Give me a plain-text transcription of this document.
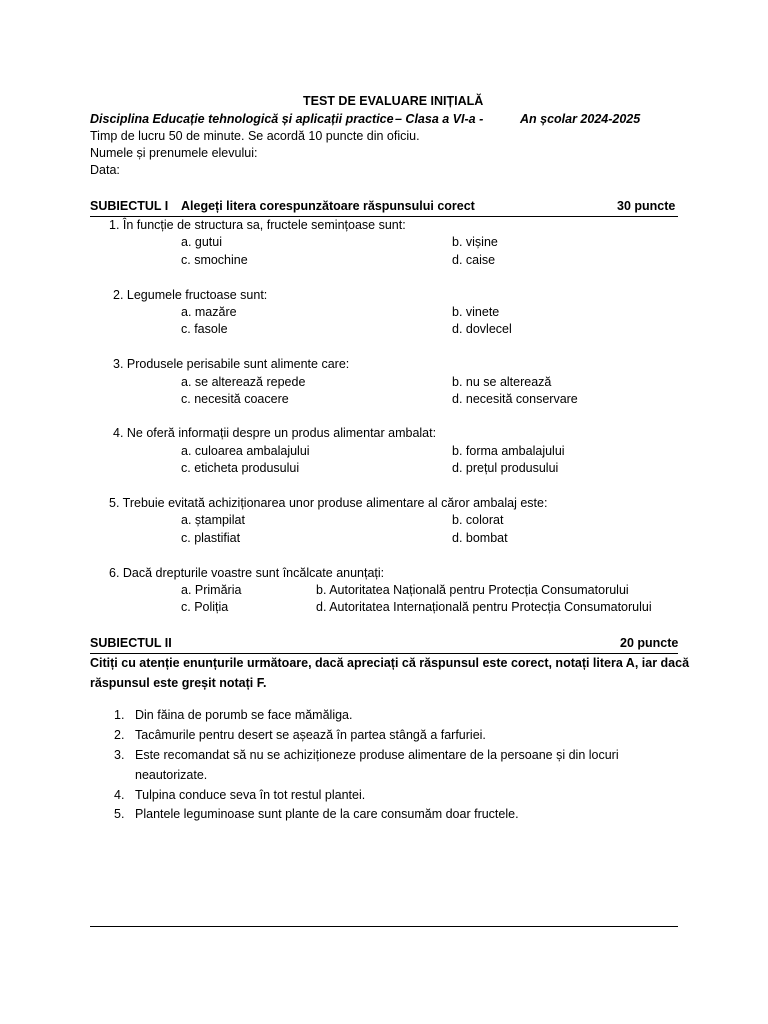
TEST DE EVALUARE INIȚIALĂ
Disciplina Educație tehnologică și aplicații practice – Clasa a VI-a -	An școlar 2024-2025
Timp de lucru 50 de minute. Se acordă 10 puncte din oficiu.
Numele și prenumele elevului:
Data:
SUBIECTUL I Alegeți litera corespunzătoare răspunsului corect	30 puncte
1. În funcție de structura sa, fructele semințoase sunt:
a. gutui	b. vișine
c. smochine	d. caise
2. Legumele fructoase sunt:
a. mazăre	b. vinete
c. fasole	d. dovlecel
3. Produsele perisabile sunt alimente care:
a. se alterează repede	b. nu se alterează
c. necesită coacere	d. necesită conservare
4. Ne oferă informații despre un produs alimentar ambalat:
a. culoarea ambalajului	b. forma ambalajului
c. eticheta produsului	d. prețul produsului
5. Trebuie evitată achiziționarea unor produse alimentare al căror ambalaj este:
a. ștampilat	b. colorat
c. plastifiat	d. bombat
6. Dacă drepturile voastre sunt încălcate anunțați:
a. Primăria	b. Autoritatea Națională pentru Protecția Consumatorului
c. Poliția	d. Autoritatea Internațională pentru Protecția Consumatorului
SUBIECTUL II	20 puncte
Citiți cu atenție enunțurile următoare, dacă apreciați că răspunsul este corect, notați litera A, iar dacă
răspunsul este greșit notați F.
1. Din făina de porumb se face mămăliga.
2. Tacâmurile pentru desert se așează în partea stângă a farfuriei.
3. Este recomandat să nu se achiziționeze produse alimentare de la persoane și din locuri
neautorizate.
4. Tulpina conduce seva în tot restul plantei.
5. Plantele leguminoase sunt plante de la care consumăm doar fructele.
